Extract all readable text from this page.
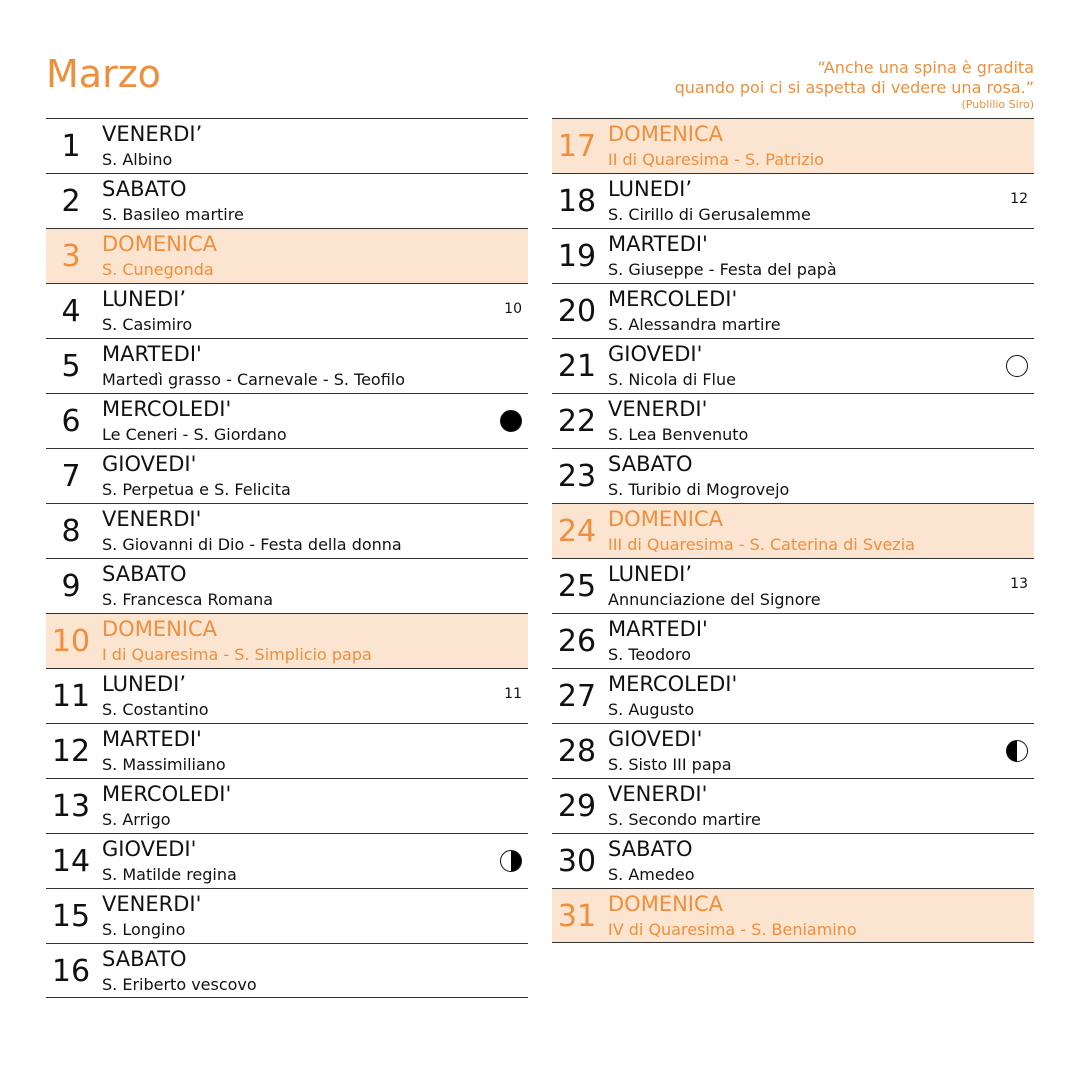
Marzo	“Anche una spina è gradita
quando poi ci si aspetta di vedere una rosa.”
(Publilio Siro)
1	VENERDI’
S. Albino
2	SABATO
S. Basileo martire
3	DOMENICA
S. Cunegonda
4	LUNEDI’
S. Casimiro
10
5	MARTEDI'
Martedì grasso - Carnevale - S. Teofilo
6	MERCOLEDI'
Le Ceneri - S. Giordano
7	GIOVEDI'
S. Perpetua e S. Felicita
8	VENERDI'
S. Giovanni di Dio - Festa della donna
9	SABATO
S. Francesca Romana
10 DOMENICA
I di Quaresima - S. Simplicio papa
11 LUNEDI’
S. Costantino
11
12 MARTEDI'
S. Massimiliano
13 MERCOLEDI'
S. Arrigo
14 GIOVEDI'
S. Matilde regina
15 VENERDI'
S. Longino
16 SABATO
S. Eriberto vescovo
17 DOMENICA
II di Quaresima - S. Patrizio
18 LUNEDI’
S. Cirillo di Gerusalemme
12
19 MARTEDI'
S. Giuseppe - Festa del papà
20 MERCOLEDI'
S. Alessandra martire
21 GIOVEDI'
S. Nicola di Flue
22 VENERDI'
S. Lea Benvenuto
23 SABATO
S. Turibio di Mogrovejo
24 DOMENICA
III di Quaresima - S. Caterina di Svezia
25 LUNEDI’
Annunciazione del Signore
13
26 MARTEDI'
S. Teodoro
27 MERCOLEDI'
S. Augusto
28 GIOVEDI'
S. Sisto III papa
29 VENERDI'
S. Secondo martire
30 SABATO
S. Amedeo
31 DOMENICA
IV di Quaresima - S. Beniamino
